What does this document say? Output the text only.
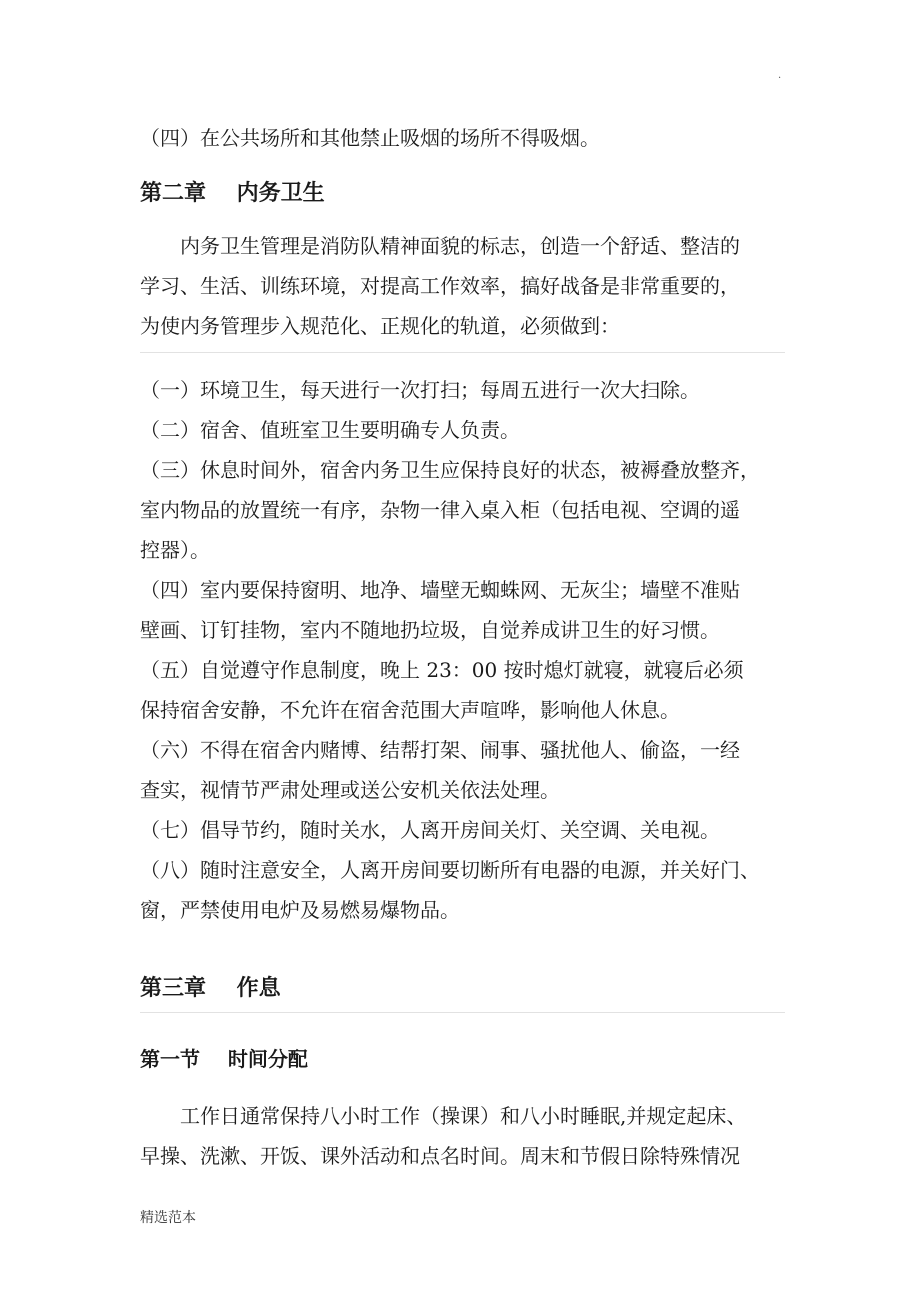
.

（四）在公共场所和其他禁止吸烟的场所不得吸烟。

第二章    内务卫生

内务卫生管理是消防队精神面貌的标志，创造一个舒适、整洁的

学习、生活、训练环境，对提高工作效率，搞好战备是非常重要的，

为使内务管理步入规范化、正规化的轨道，必须做到：

（一）环境卫生，每天进行一次打扫；每周五进行一次大扫除。

（二）宿舍、值班室卫生要明确专人负责。

（三）休息时间外，宿舍内务卫生应保持良好的状态，被褥叠放整齐，

室内物品的放置统一有序，杂物一律入桌入柜（包括电视、空调的遥

控器）。

（四）室内要保持窗明、地净、墙壁无蜘蛛网、无灰尘；墙壁不准贴

壁画、订钉挂物，室内不随地扔垃圾，自觉养成讲卫生的好习惯。

（五）自觉遵守作息制度，晚上 23：00 按时熄灯就寝，就寝后必须

保持宿舍安静，不允许在宿舍范围大声喧哗，影响他人休息。

（六）不得在宿舍内赌博、结帮打架、闹事、骚扰他人、偷盗，一经

查实，视情节严肃处理或送公安机关依法处理。

（七）倡导节约，随时关水，人离开房间关灯、关空调、关电视。

（八）随时注意安全，人离开房间要切断所有电器的电源，并关好门、

窗，严禁使用电炉及易燃易爆物品。

第三章    作息
第一节    时间分配

工作日通常保持八小时工作（操课）和八小时睡眠,并规定起床、

早操、洗漱、开饭、课外活动和点名时间。周末和节假日除特殊情况

精选范本
